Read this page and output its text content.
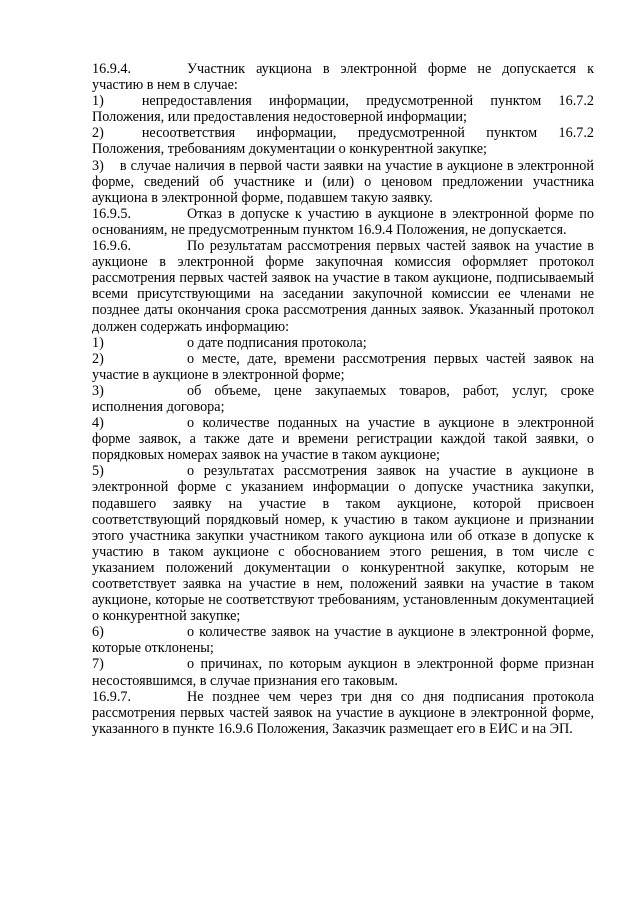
16.9.4.	Участник аукциона в электронной форме не допускается к участию в нем в случае:

1)	непредоставления информации, предусмотренной пунктом 16.7.2 Положения, или предоставления недостоверной информации;

2)	несоответствия информации, предусмотренной пунктом 16.7.2 Положения, требованиям документации о конкурентной закупке;

3) в случае наличия в первой части заявки на участие в аукционе в электронной форме, сведений об участнике и (или) о ценовом предложении участника аукциона в электронной форме, подавшем такую заявку.

16.9.5.	Отказ в допуске к участию в аукционе в электронной форме по основаниям, не предусмотренным пунктом 16.9.4 Положения, не допускается.

16.9.6.	По результатам рассмотрения первых частей заявок на участие в аукционе в электронной форме закупочная комиссия оформляет протокол рассмотрения первых частей заявок на участие в таком аукционе, подписываемый всеми присутствующими на заседании закупочной комиссии ее членами не позднее даты окончания срока рассмотрения данных заявок. Указанный протокол должен содержать информацию:

1)	о дате подписания протокола;

2)	о месте, дате, времени рассмотрения первых частей заявок на участие в аукционе в электронной форме;

3)	об объеме, цене закупаемых товаров, работ, услуг, сроке исполнения договора;

4)	о количестве поданных на участие в аукционе в электронной форме заявок, а также дате и времени регистрации каждой такой заявки, о порядковых номерах заявок на участие в таком аукционе;

5)	о результатах рассмотрения заявок на участие в аукционе в электронной форме с указанием информации о допуске участника закупки, подавшего заявку на участие в таком аукционе, которой присвоен соответствующий порядковый номер, к участию в таком аукционе и признании этого участника закупки участником такого аукциона или об отказе в допуске к участию в таком аукционе с обоснованием этого решения, в том числе с указанием положений документации о конкурентной закупке, которым не соответствует заявка на участие в нем, положений заявки на участие в таком аукционе, которые не соответствуют требованиям, установленным документацией о конкурентной закупке;

6)	о количестве заявок на участие в аукционе в электронной форме, которые отклонены;

7)	о причинах, по которым аукцион в электронной форме признан несостоявшимся, в случае признания его таковым.

16.9.7.	Не позднее чем через три дня со дня подписания протокола рассмотрения первых частей заявок на участие в аукционе в электронной форме, указанного в пункте 16.9.6 Положения, Заказчик размещает его в ЕИС и на ЭП.
